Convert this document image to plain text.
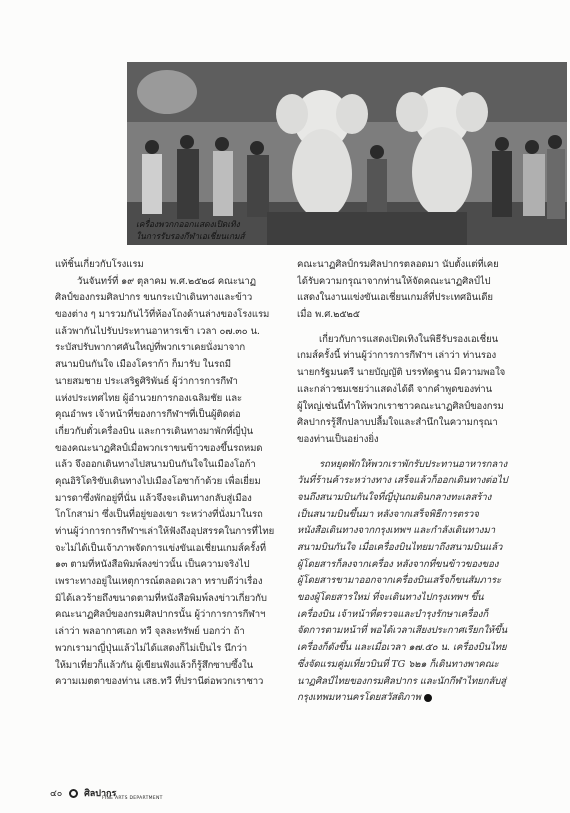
เครื่องพวกกออกแสดงเปิดเทิง
ในการรับรองกีฬาเอเชี่ยนเกมส์
แท้ชิ้นเกี่ยวกับโรงแรม
วันจันทร์ที่ ๑๙ ตุลาคม พ.ศ.๒๕๒๘ คณะนาฏ
ศิลป์ของกรมศิลปากร ขนกระเป๋าเดินทางและข้าว
ของต่าง ๆ มารวมกันไว้ที่ห้องโถงด้านล่างของโรงแรม
แล้วพากันไปรับประทานอาหารเช้า เวลา ๐๗.๓๐ น.
ระบัสปรับพากาศคันใหญ่ที่พวกเราเคยนั่งมาจาก
สนามบินกันใจ เมืองโคราก้า ก็มารับ ในรถมี
นายสมชาย ประเสริฐศิริพันธ์ ผู้ว่าการการกีฬา
แห่งประเทศไทย ผู้อำนวยการกองเฉลิมชัย และ
คุณอำพร เจ้าหน้าที่ของการกีฬาฯที่เป็นผู้ติดต่อ
เกี่ยวกับตั๋วเครื่องบิน และการเดินทางมาพักที่ญี่ปุ่น
ของคณะนาฏศิลป์เมื่อพวกเราขนข้าวของขึ้นรถหมด
แล้ว จึงออกเดินทางไปสนามบินกันใจในเมืองโอก้า
คุณอิริโดริขับเดินทางไปเมืองโอซาก้าด้วย เพื่อเยี่ยม
มารดาซึ่งพักอยู่ที่นั่น แล้วจึงจะเดินทางกลับสู่เมือง
โกโกสาม่า ซึ่งเป็นที่อยู่ของเขา ระหว่างที่นั่งมาในรถ
ท่านผู้ว่าการการกีฬาฯเล่าให้ฟังถึงอุปสรรคในการที่ไทย
จะไม่ได้เป็นเจ้าภาพจัดการแข่งขันเอเชี่ยนเกมส์ครั้งที่
๑๓ ตามที่หนังสือพิมพ์ลงข่าวนั้น เป็นความจริงไป
เพราะทางอยู่ในเหตุการณ์ตลอดเวลา ทราบดีว่าเรื่อง
มิได้เลวร้ายถึงขนาดตามที่หนังสือพิมพ์ลงข่าวเกี่ยวกับ
คณะนาฏศิลป์ของกรมศิลปากรนั้น ผู้ว่าการการกีฬาฯ
เล่าว่า พลอากาศเอก ทวี จุลละทรัพย์ บอกว่า ถ้า
พวกเรามาญี่ปุ่นแล้วไม่ได้แสดงก็ไม่เป็นไร นึกว่า
ให้มาเที่ยวก็แล้วกัน ผู้เขียนฟังแล้วก็รู้สึกซาบซึ้งใน
ความเมตตาของท่าน เสธ.ทวี ที่ปรานีต่อพวกเราชาว
คณะนาฏศิลป์กรมศิลปากรตลอดมา นับตั้งแต่ที่เคย
ได้รับความกรุณาจากท่านให้จัดคณะนาฏศิลป์ไป
แสดงในงานแข่งขันเอเชี่ยนเกมส์ที่ประเทศอินเดีย
เมื่อ พ.ศ.๒๕๒๕
เกี่ยวกับการแสดงเปิดเทิงในพิธีรับรองเอเชี่ยน
เกมส์ครั้งนี้ ท่านผู้ว่าการการกีฬาฯ เล่าว่า ท่านรอง
นายกรัฐมนตรี นายบัญญัติ บรรทัดฐาน มีความพอใจ
และกล่าวชมเชยว่าแสดงได้ดี จากคำพูดของท่าน
ผู้ใหญ่เช่นนี้ทำให้พวกเราชาวคณะนาฏศิลป์ของกรม
ศิลปากรรู้สึกปลาบปลื้มใจและสำนึกในความกรุณา
ของท่านเป็นอย่างยิ่ง
รถหยุดพักให้พวกเราพักรับประทานอาหารกลาง
วันที่ร้านค้าระหว่างทาง เสร็จแล้วก็ออกเดินทางต่อไป
จนถึงสนามบินกันใจที่ญี่ปุ่นถมดินกลางทะเลสร้าง
เป็นสนามบินขึ้นมา หลังจากเสร็จพิธีการตรวจ
หนังสือเดินทางจากกรุงเทพฯ และกำลังเดินทางมา
สนามบินกันใจ เมื่อเครื่องบินไทยมาถึงสนามบินแล้ว
ผู้โดยสารก็ลงจากเครื่อง หลังจากที่ขนข้าวของของ
ผู้โดยสารขามาออกจากเครื่องบินเสร็จก็ขนสัมภาระ
ของผู้โดยสารใหม่ ที่จะเดินทางไปกรุงเทพฯ ขึ้น
เครื่องบิน เจ้าหน้าที่ตรวจและบำรุงรักษาเครื่องก็
จัดการตามหน้าที่ พอได้เวลาเสียงประกาศเรียกให้ขึ้น
เครื่องก็ดังขึ้น และเมื่อเวลา ๑๗.๕๐ น. เครื่องบินไทย
ซึ่งจัดแรมคู่มเที่ยวบินที่ TG ๖๒๑ ก็เดินทางพาคณะ
นาฏศิลป์ไทยของกรมศิลปากร และนักกีฬาไทยกลับสู่
กรุงเทพมหานครโดยสวัสดิภาพ
๔๐ ศิลปากร
FINE ARTS DEPARTMENT
